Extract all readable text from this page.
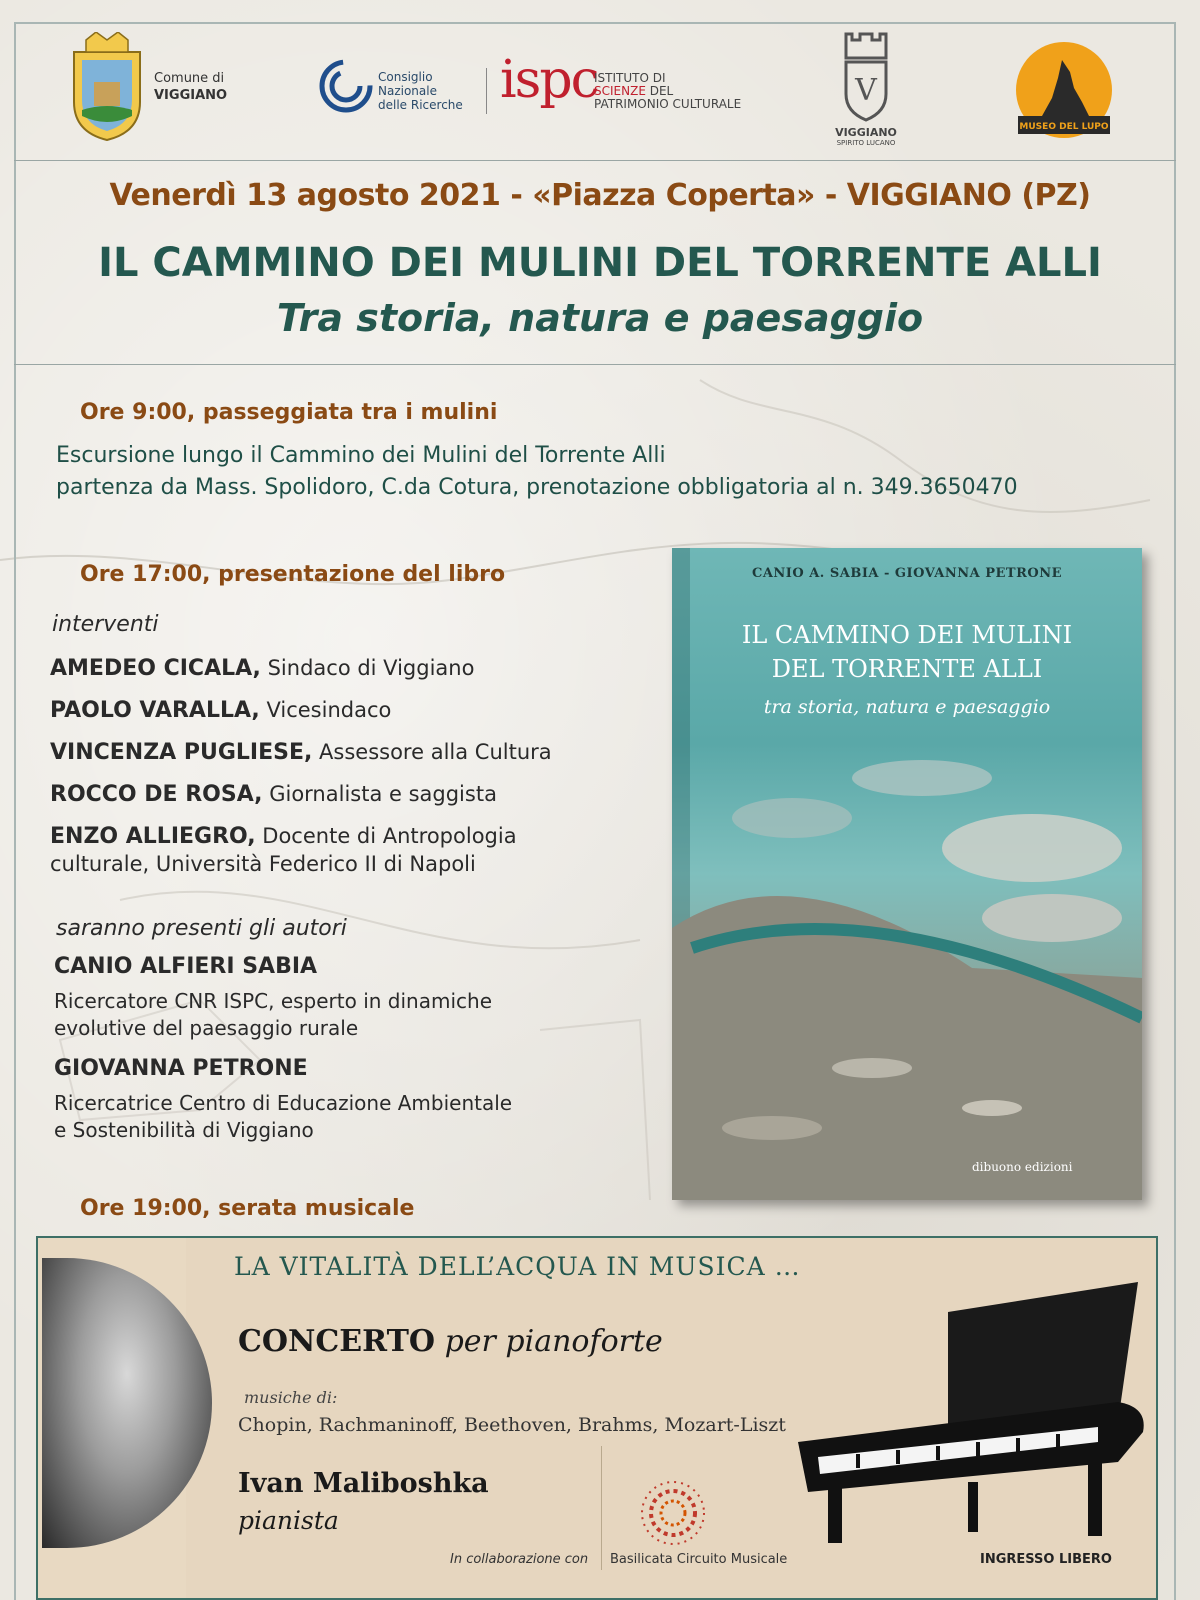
Comune di
VIGGIANO
Consiglio
Nazionale
delle Ricerche ispc
ISTITUTO DI
SCIENZE DEL
PATRIMONIO CULTURALE	V
VIGGIANO
SPIRITO LUCANO
MUSEO DEL LUPO
Venerdì 13 agosto 2021 - «Piazza Coperta» - VIGGIANO (PZ)
IL CAMMINO DEI MULINI DEL TORRENTE ALLI
Tra storia, natura e paesaggio
Ore 9:00, passeggiata tra i mulini
Escursione lungo il Cammino dei Mulini del Torrente Alli
partenza da Mass. Spolidoro, C.da Cotura, prenotazione obbligatoria al n. 349.3650470
Ore 17:00, presentazione del libro
interventi
AMEDEO CICALA, Sindaco di Viggiano
PAOLO VARALLA, Vicesindaco
VINCENZA PUGLIESE, Assessore alla Cultura
ROCCO DE ROSA, Giornalista e saggista
ENZO ALLIEGRO, Docente di Antropologia
culturale, Università Federico II di Napoli
saranno presenti gli autori
CANIO ALFIERI SABIA
Ricercatore CNR ISPC, esperto in dinamiche
evolutive del paesaggio rurale
GIOVANNA PETRONE
Ricercatrice Centro di Educazione Ambientale
e Sostenibilità di Viggiano
CANIO A. SABIA - GIOVANNA PETRONE
IL CAMMINO DEI MULINI
DEL TORRENTE ALLI
tra storia, natura e paesaggio
dibuono edizioni
Ore 19:00, serata musicale
LA VITALITÀ DELL’ACQUA IN MUSICA …
CONCERTO per pianoforte
musiche di:
Chopin, Rachmaninoff, Beethoven, Brahms, Mozart-Liszt
Ivan Maliboshka
pianista
In collaborazione con Basilicata Circuito Musicale	INGRESSO LIBERO
